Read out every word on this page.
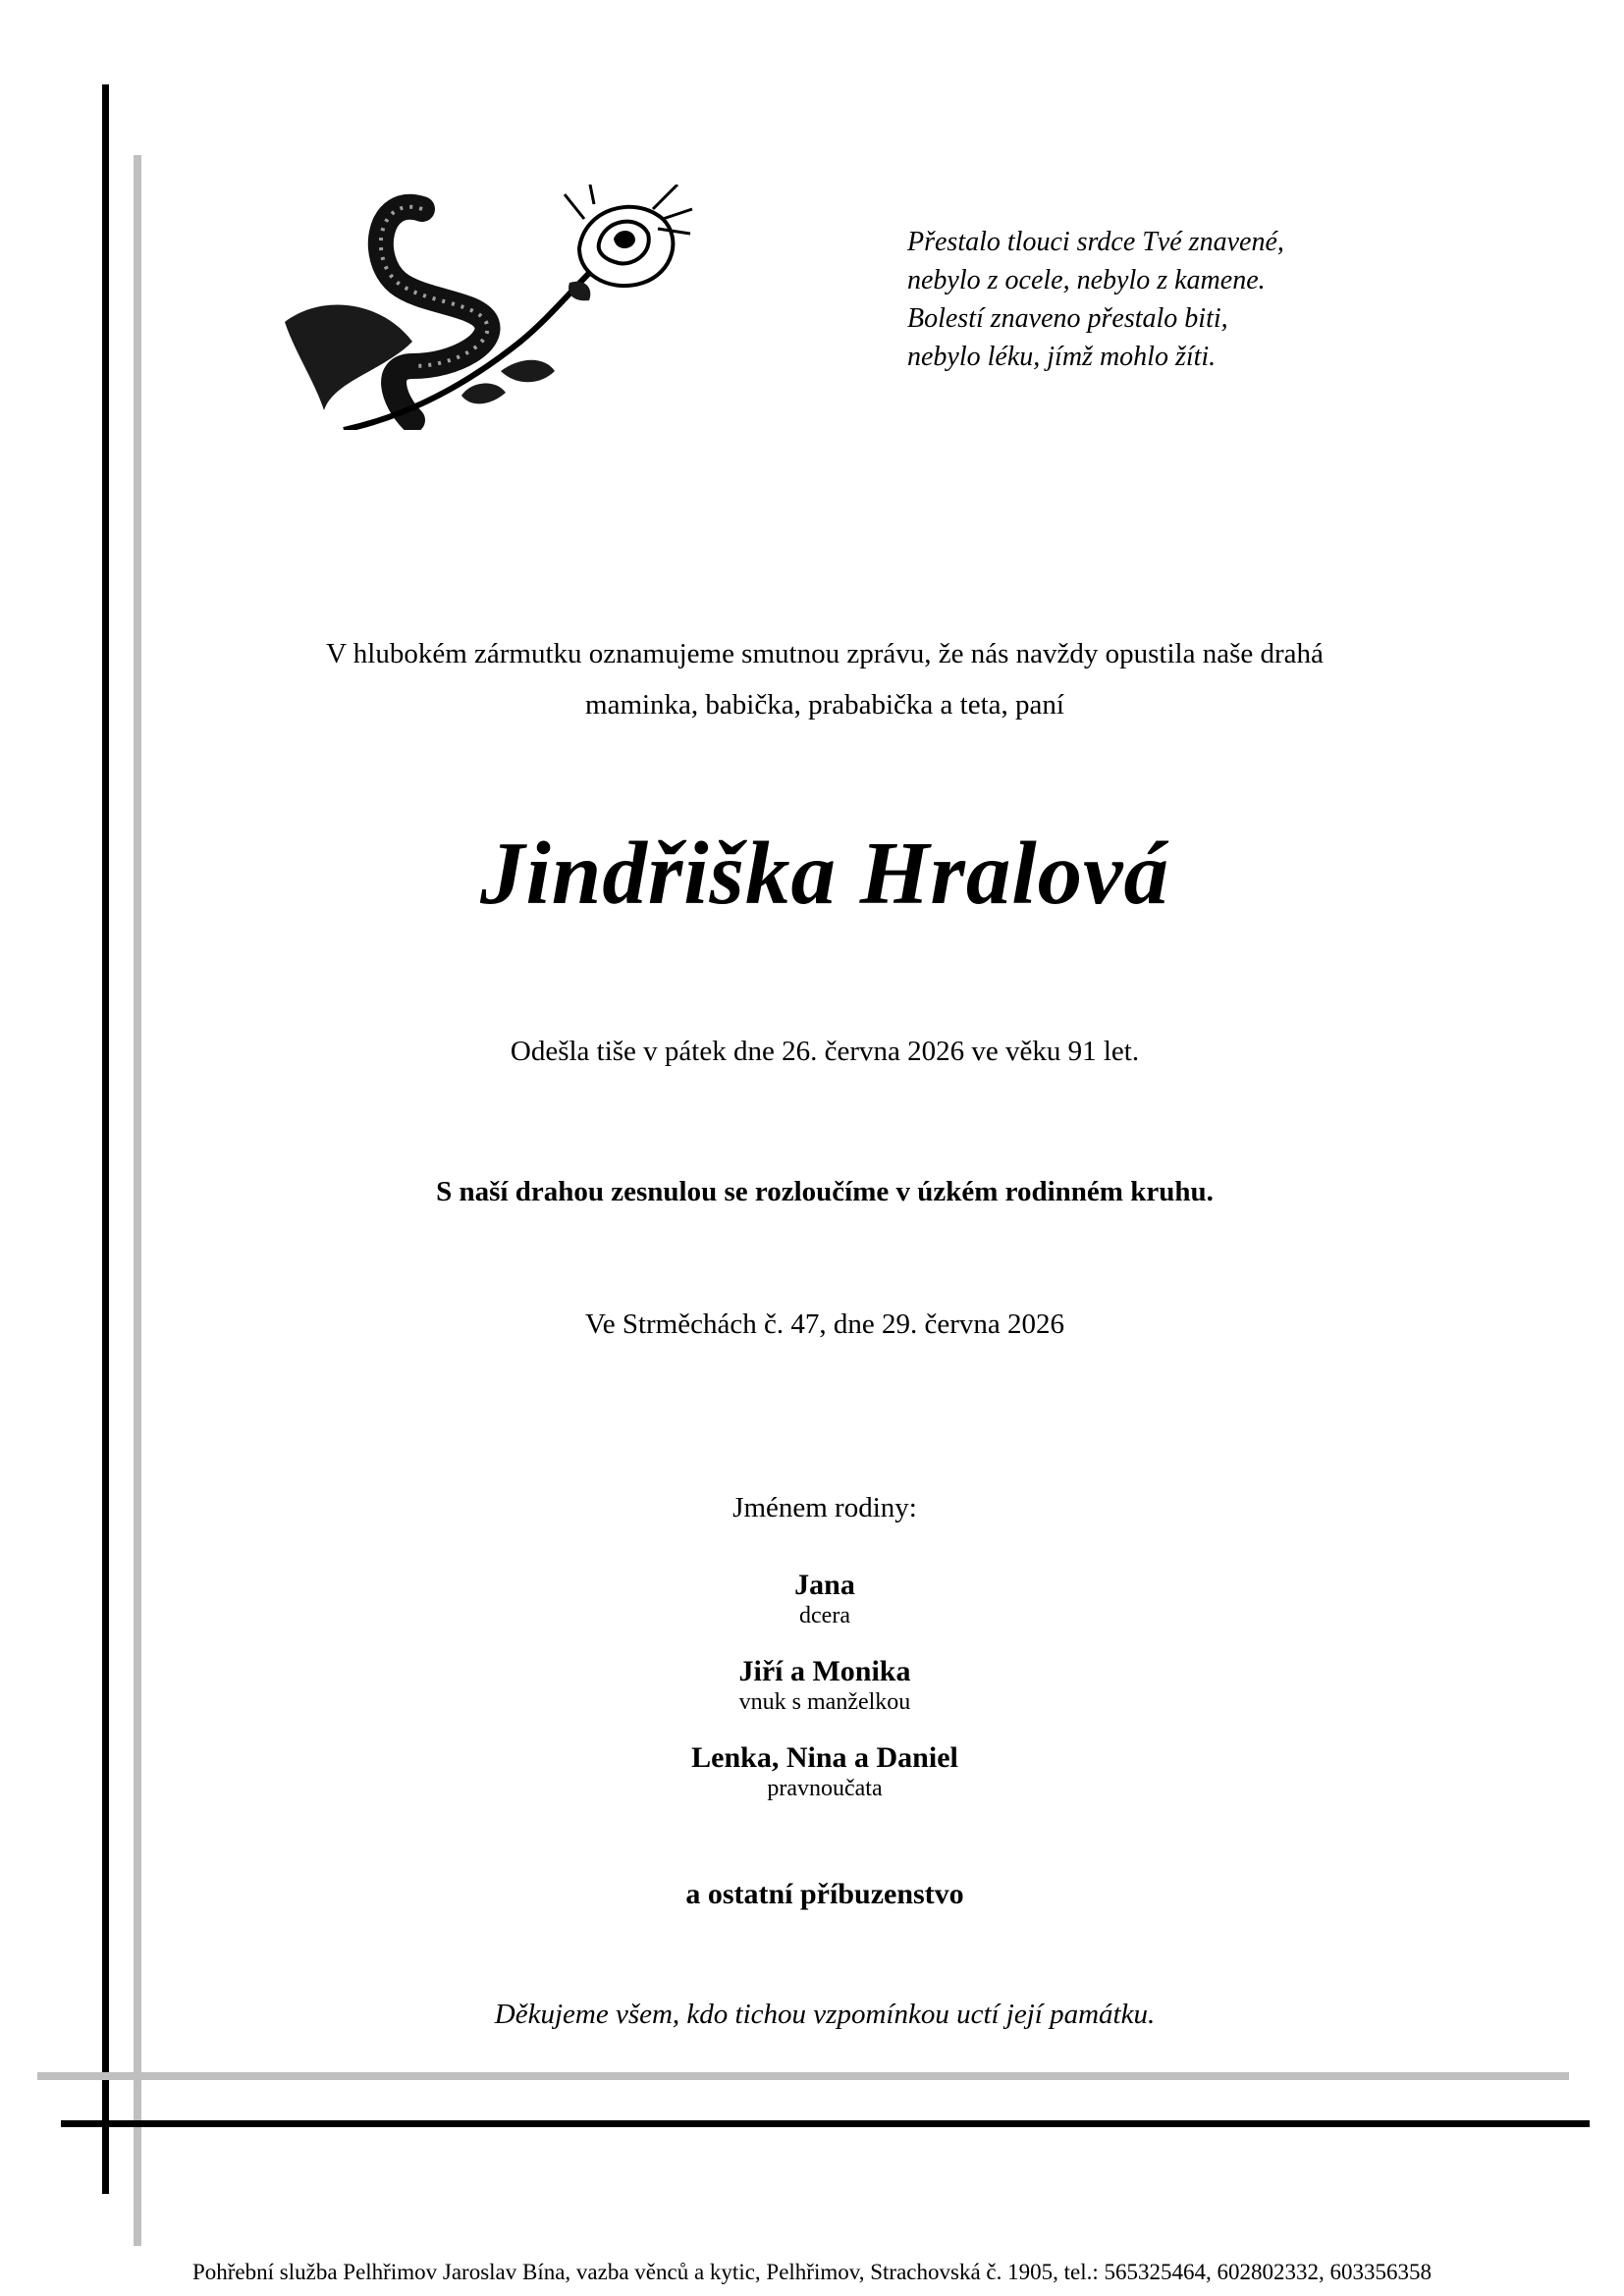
Přestalo tlouci srdce Tvé znavené,
nebylo z ocele, nebylo z kamene.
Bolestí znaveno přestalo biti,
nebylo léku, jímž mohlo žíti.
V hlubokém zármutku oznamujeme smutnou zprávu, že nás navždy opustila naše drahá
maminka, babička, prababička a teta, paní
Jindřiška Hralová
Odešla tiše v pátek dne 26. června 2026 ve věku 91 let.
S naší drahou zesnulou se rozloučíme v úzkém rodinném kruhu.
Ve Strměchách č. 47, dne 29. června 2026
Jménem rodiny:
Jana
dcera
Jiří a Monika
vnuk s manželkou
Lenka, Nina a Daniel
pravnoučata
a ostatní příbuzenstvo
Děkujeme všem, kdo tichou vzpomínkou uctí její památku.
Pohřební služba Pelhřimov Jaroslav Bína, vazba věnců a kytic, Pelhřimov, Strachovská č. 1905, tel.: 565325464, 602802332, 603356358
